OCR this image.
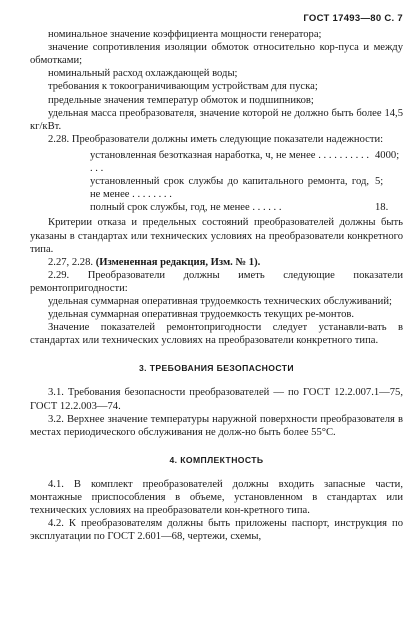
ГОСТ 17493—80 С. 7

номинальное значение коэффициента мощности генератора;

значение сопротивления изоляции обмоток относительно кор-пуса и между обмотками;

номинальный расход охлаждающей воды;

требования к токоограничивающим устройствам для пуска;

предельные значения температур обмоток и подшипников;

удельная масса преобразователя, значение которой не должно быть более 14,5 кг/кВт.

2.28. Преобразователи должны иметь следующие показатели надежности:

установленная безотказная наработка, ч, не менее . . . . . . . . . . . . .
4000;
установленный срок службы до капитального ремонта, год, не менее . . . . . . . .
5;
полный срок службы, год, не менее . . . . . .	18.

Критерии отказа и предельных состояний преобразователей должны быть указаны в стандартах или технических условиях на преобразователи конкретного типа.

2.27, 2.28. (Измененная редакция, Изм. № 1).

2.29. Преобразователи должны иметь следующие показатели ремонтопригодности:

удельная суммарная оперативная трудоемкость технических обслуживаний;

удельная суммарная оперативная трудоемкость текущих ре-монтов.

Значение показателей ремонтопригодности следует устанавли-вать в стандартах или технических условиях на преобразователи конкретного типа.

3. ТРЕБОВАНИЯ БЕЗОПАСНОСТИ

3.1. Требования безопасности преобразователей — по ГОСТ 12.2.007.1—75, ГОСТ 12.2.003—74.

3.2. Верхнее значение температуры наружной поверхности преобразователя в местах периодического обслуживания не долж-но быть более 55°С.

4. КОМПЛЕКТНОСТЬ

4.1. В комплект преобразователей должны входить запасные части, монтажные приспособления в объеме, установленном в стандартах или технических условиях на преобразователи кон-кретного типа.

4.2. К преобразователям должны быть приложены паспорт, инструкция по эксплуатации по ГОСТ 2.601—68, чертежи, схемы,
